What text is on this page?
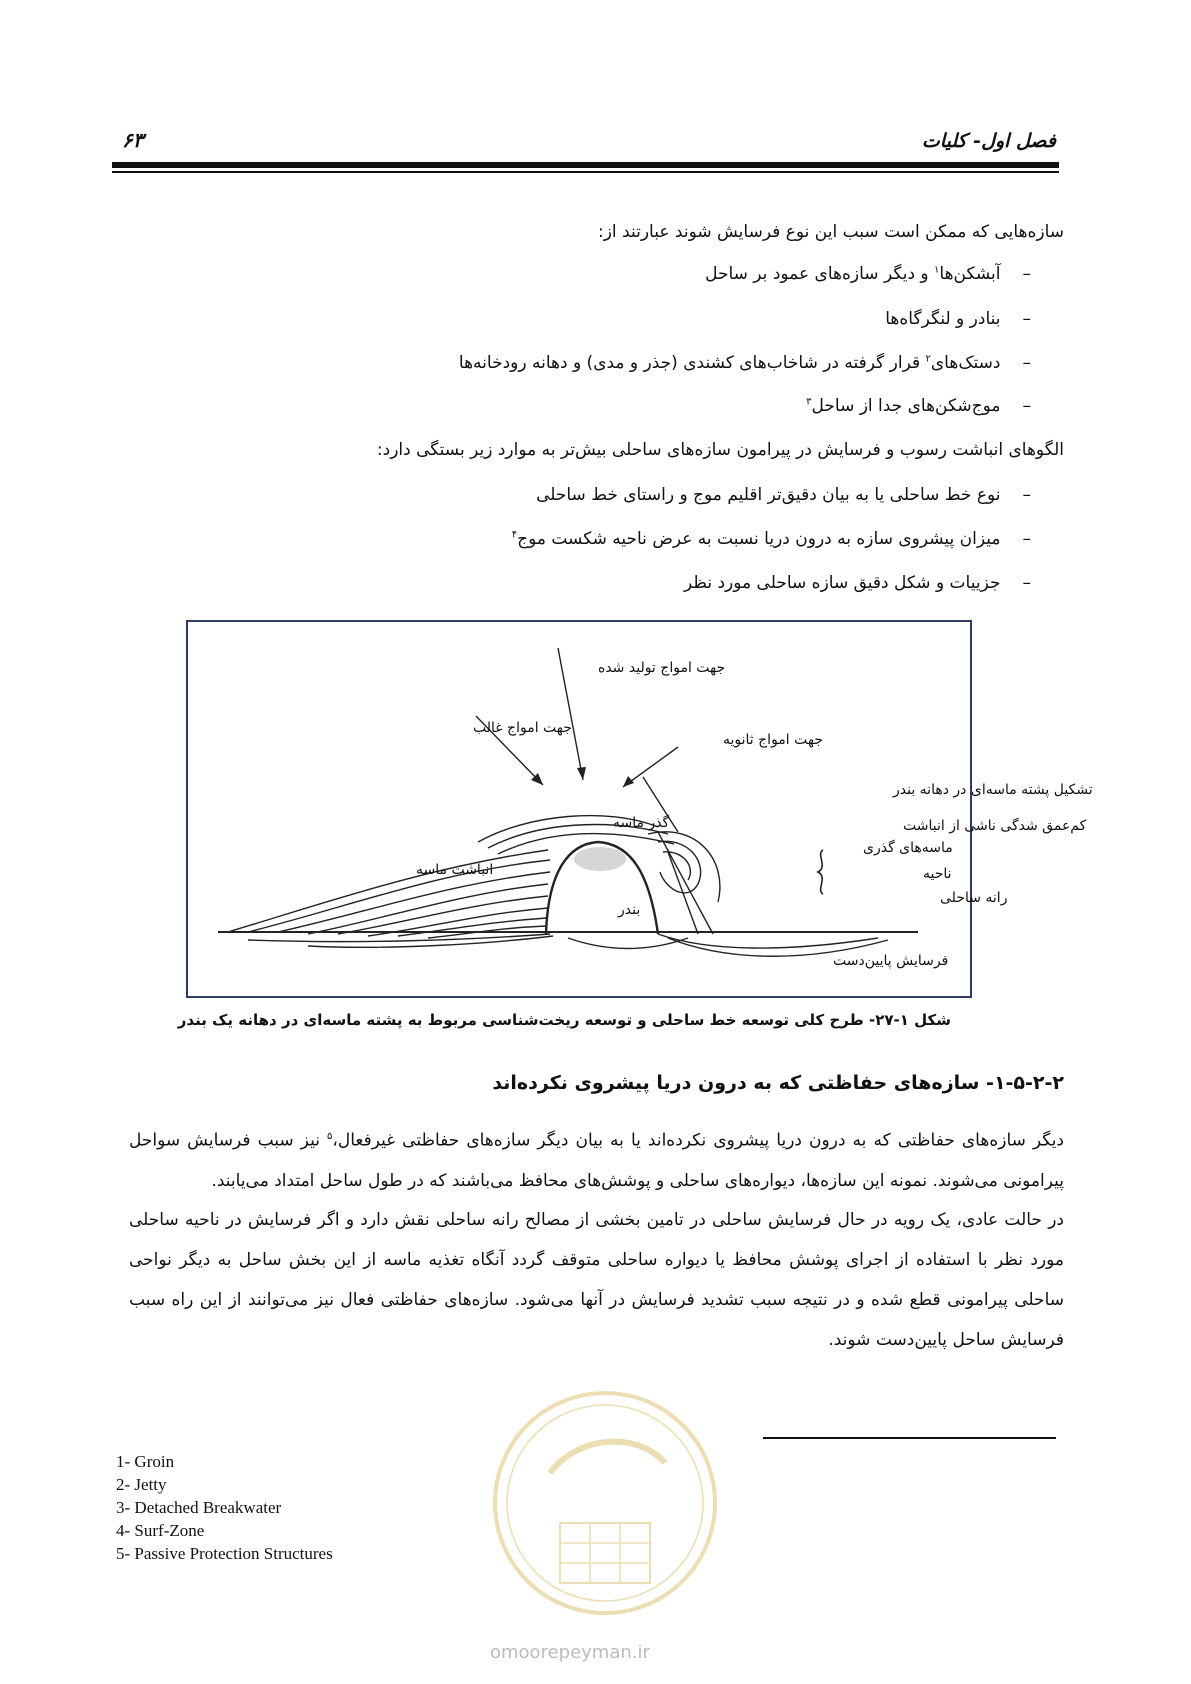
فصل اول- کلیات
۶۳
سازه‌هایی که ممکن است سبب این نوع فرسایش شوند عبارتند از:
–آبشکن‌ها$^۱$ و دیگر سازه‌های عمود بر ساحل
–بنادر و لنگرگاه‌ها
–دستک‌های$^۲$ قرار گرفته در شاخاب‌های کشندی (جذر و مدی) و دهانه رودخانه‌ها
–موج‌شکن‌های جدا از ساحل$^۳$
الگوهای انباشت رسوب و فرسایش در پیرامون سازه‌های ساحلی بیش‌تر به موارد زیر بستگی دارد:
–نوع خط ساحلی یا به بیان دقیق‌تر اقلیم موج و راستای خط ساحلی
–میزان پیشروی سازه به درون دریا نسبت به عرض ناحیه شکست موج$^۴$
–جزییات و شکل دقیق سازه ساحلی مورد نظر
جهت امواج تولید شده
جهت امواج غالب
جهت امواج ثانویه
تشکیل پشته ماسه‌ای در دهانه بندر
گذر ماسه	کم‌عمق شدگی ناشی از انباشت
ماسه‌های گذری
انباشت ماسه	ناحیه
رانه ساحلی
بندر
فرسایش پایین‌دست
شکل ۱-۲۷- طرح کلی توسعه خط ساحلی و توسعه ریخت‌شناسی مربوط به پشته ماسه‌ای در دهانه یک بندر
۱-۵-۲-۲- سازه‌های حفاظتی که به درون دریا پیشروی نکرده‌اند
دیگر سازه‌های حفاظتی که به درون دریا پیشروی نکرده‌اند یا به بیان دیگر سازه‌های حفاظتی غیرفعال،$^۵$ نیز سبب فرسایش سواحل پیرامونی می‌شوند. نمونه این سازه‌ها، دیواره‌های ساحلی و پوشش‌های محافظ می‌باشند که در طول ساحل امتداد می‌یابند.
در حالت عادی، یک رویه در حال فرسایش ساحلی در تامین بخشی از مصالح رانه ساحلی نقش دارد و اگر فرسایش در ناحیه ساحلی مورد نظر با استفاده از اجرای پوشش محافظ یا دیواره ساحلی متوقف گردد آنگاه تغذیه ماسه از این بخش ساحل به دیگر نواحی ساحلی پیرامونی قطع شده و در نتیجه سبب تشدید فرسایش در آنها می‌شود. سازه‌های حفاظتی فعال نیز می‌توانند از این راه سبب فرسایش ساحل پایین‌دست شوند.
1- Groin
2- Jetty
3- Detached Breakwater
4- Surf-Zone
5- Passive Protection Structures
omoorepeyman.ir
